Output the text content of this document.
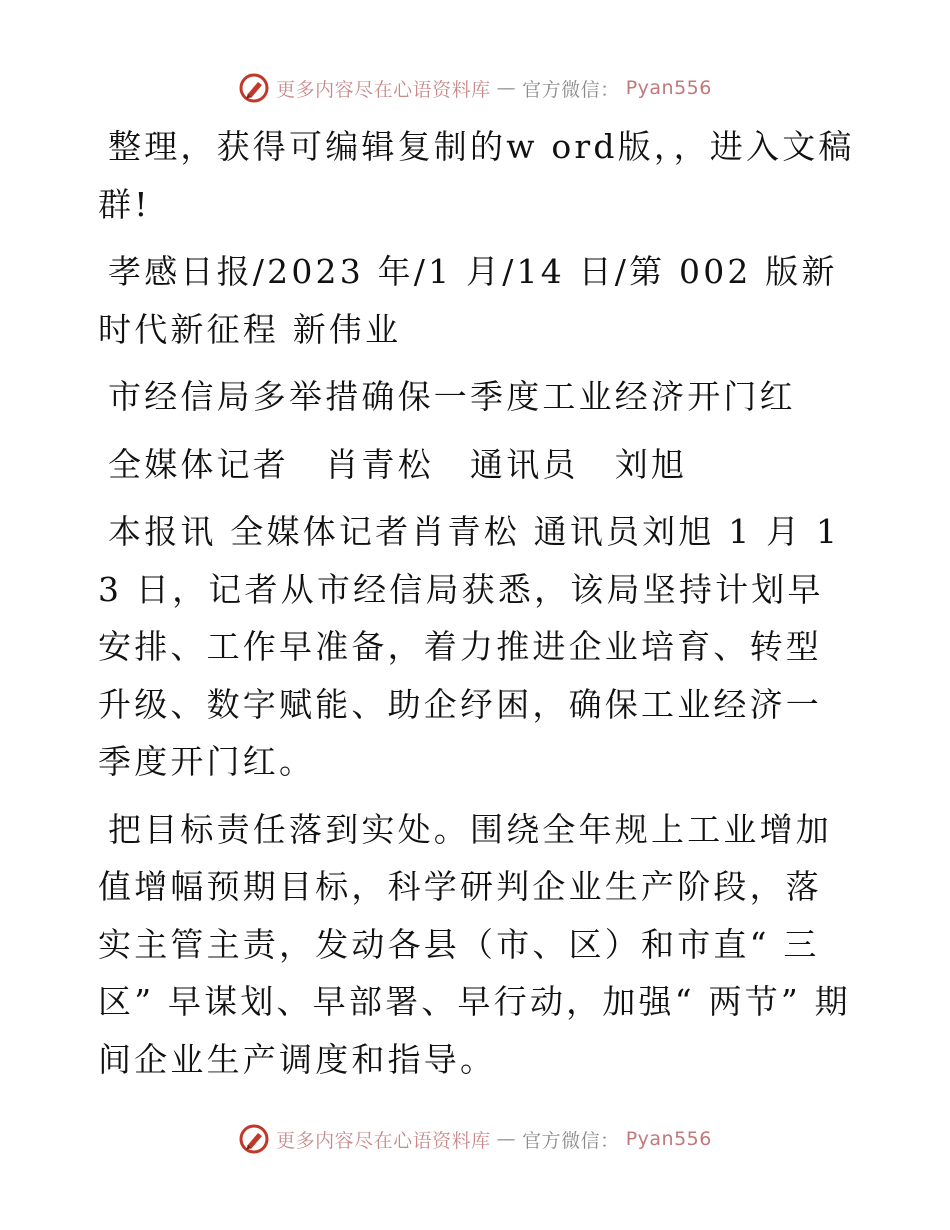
更多内容尽在心语资料库 — 官方微信： Pyan556

整理，获得可编辑复制的w ord版，，进入文稿群!

孝感日报/2023 年/1 月/14 日/第 002 版新时代新征程 新伟业

市经信局多举措确保一季度工业经济开门红

全媒体记者　肖青松　通讯员　刘旭

本报讯 全媒体记者肖青松 通讯员刘旭 1 月 13 日，记者从市经信局获悉，该局坚持计划早安排、工作早准备，着力推进企业培育、转型升级、数字赋能、助企纾困，确保工业经济一季度开门红。

把目标责任落到实处。围绕全年规上工业增加值增幅预期目标，科学研判企业生产阶段，落实主管主责，发动各县（市、区）和市直“ 三区” 早谋划、早部署、早行动，加强“ 两节” 期间企业生产调度和指导。

更多内容尽在心语资料库 — 官方微信： Pyan556
